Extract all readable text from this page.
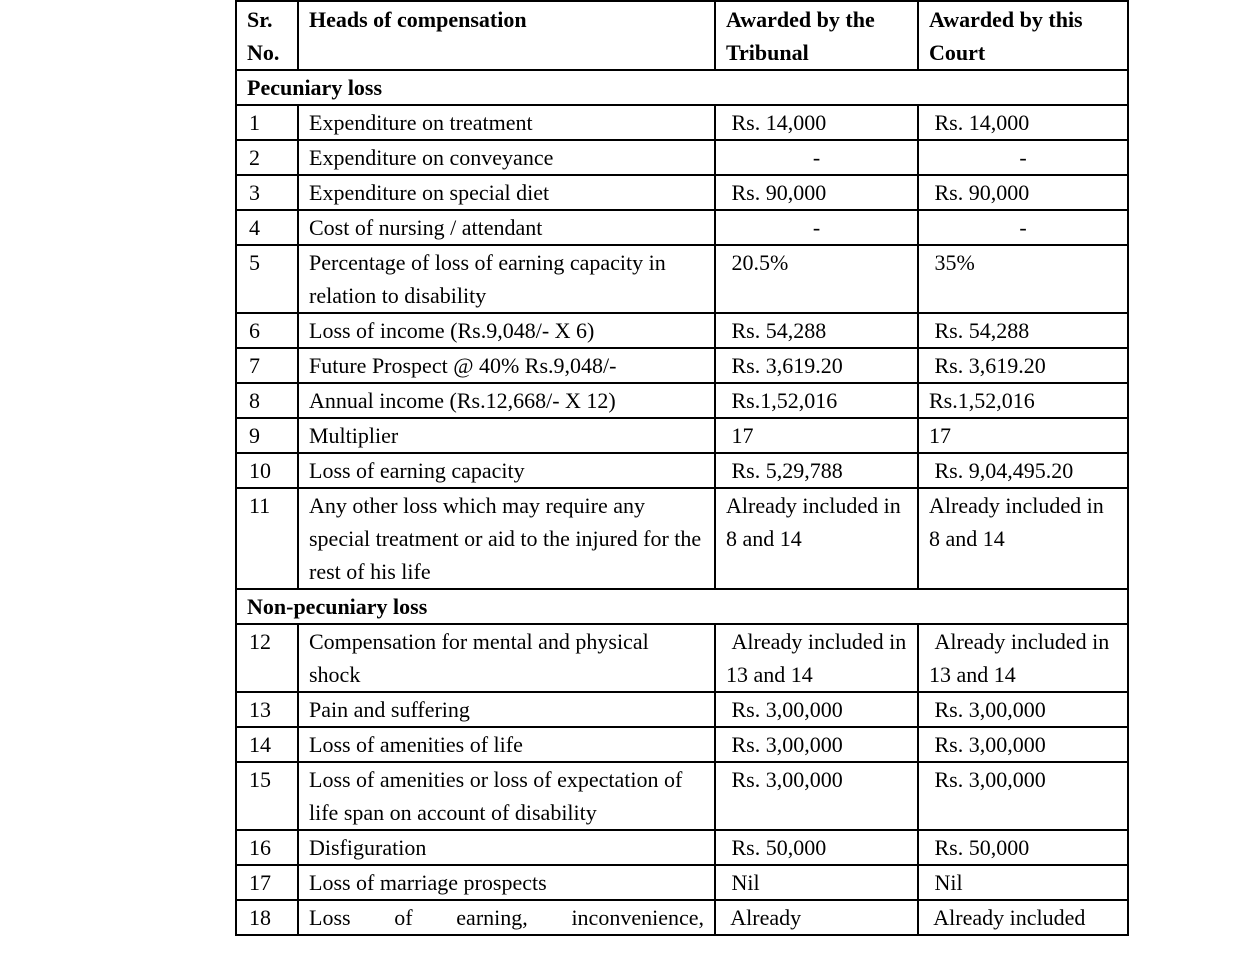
Sr. No.	Heads of compensation	Awarded by the Tribunal	Awarded by this Court
Pecuniary loss			
1	Expenditure on treatment	Rs. 14,000	Rs. 14,000
2	Expenditure on conveyance	-	-
3	Expenditure on special diet	Rs. 90,000	Rs. 90,000
4	Cost of nursing / attendant	-	-
5	Percentage of loss of earning capacity in relation to disability	20.5%	35%
6	Loss of income (Rs.9,048/- X 6)	Rs. 54,288	Rs. 54,288
7	Future Prospect @ 40% Rs.9,048/-	Rs. 3,619.20	Rs. 3,619.20
8	Annual income (Rs.12,668/- X 12)	Rs.1,52,016	Rs.1,52,016
9	Multiplier	17	17
10	Loss of earning capacity	Rs. 5,29,788	Rs. 9,04,495.20
11	Any other loss which may require any special treatment or aid to the injured for the rest of his life	Already included in 8 and 14	Already included in 8 and 14
Non-pecuniary loss			
12	Compensation for mental and physical shock	Already included in 13 and 14	Already included in 13 and 14
13	Pain and suffering	Rs. 3,00,000	Rs. 3,00,000
14	Loss of amenities of life	Rs. 3,00,000	Rs. 3,00,000
15	Loss of amenities or loss of expectation of life span on account of disability	Rs. 3,00,000	Rs. 3,00,000
16	Disfiguration	Rs. 50,000	Rs. 50,000
17	Loss of marriage prospects	Nil	Nil
18	Loss of earning, inconvenience,	Already	Already included
